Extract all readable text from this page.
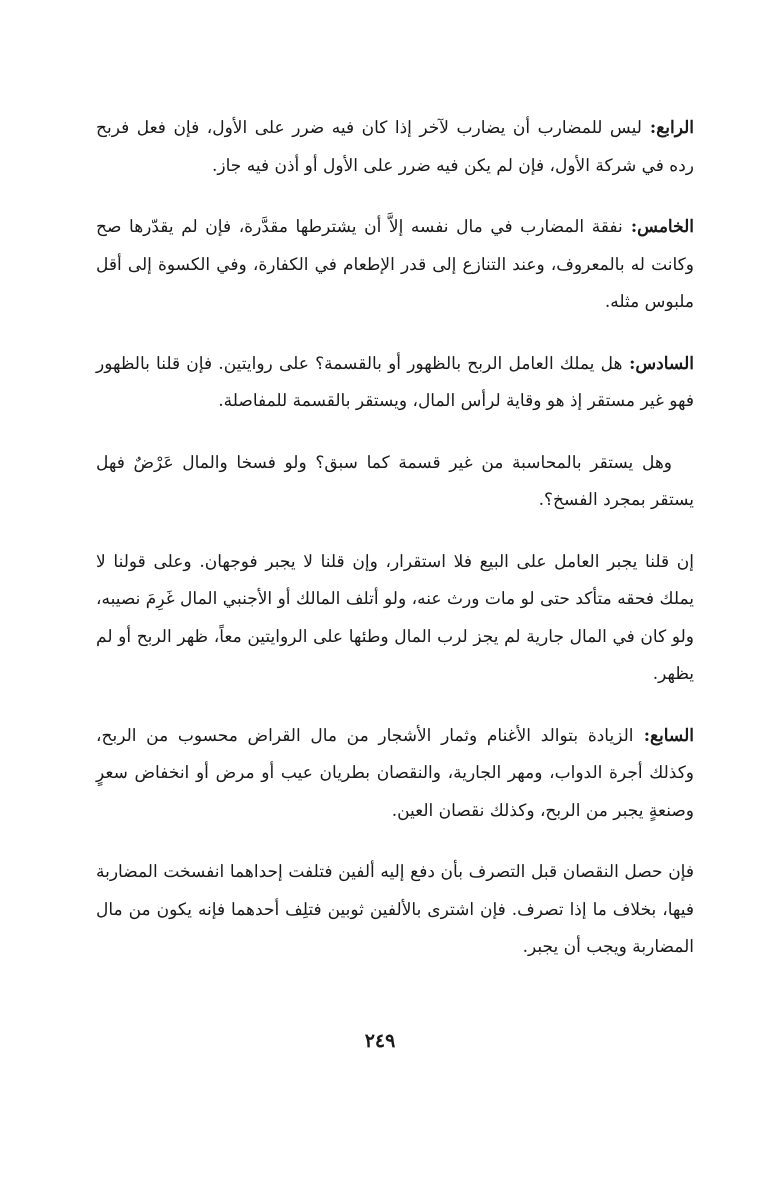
الرابع: ليس للمضارب أن يضارب لآخر إذا كان فيه ضرر على الأول، فإن فعل فربح رده في شركة الأول، فإن لم يكن فيه ضرر على الأول أو أذن فيه جاز.

الخامس: نفقة المضارب في مال نفسه إلاَّ أن يشترطها مقدَّرة، فإن لم يقدّرها صح وكانت له بالمعروف، وعند التنازع إلى قدر الإطعام في الكفارة، وفي الكسوة إلى أقل ملبوس مثله.

السادس: هل يملك العامل الربح بالظهور أو بالقسمة؟ على روايتين. فإن قلنا بالظهور فهو غير مستقر إذ هو وقاية لرأس المال، ويستقر بالقسمة للمفاصلة.

وهل يستقر بالمحاسبة من غير قسمة كما سبق؟ ولو فسخا والمال عَرْضٌ فهل يستقر بمجرد الفسخ؟.

إن قلنا يجبر العامل على البيع فلا استقرار، وإن قلنا لا يجبر فوجهان. وعلى قولنا لا يملك فحقه متأكد حتى لو مات ورث عنه، ولو أتلف المالك أو الأجنبي المال غَرِمَ نصيبه، ولو كان في المال جارية لم يجز لرب المال وطئها على الروايتين معاً، ظهر الربح أو لم يظهر.

السابع: الزيادة بتوالد الأغنام وثمار الأشجار من مال القراض محسوب من الربح، وكذلك أجرة الدواب، ومهر الجارية، والنقصان بطريان عيب أو مرض أو انخفاض سعرٍ وصنعةٍ يجبر من الربح، وكذلك نقصان العين.

فإن حصل النقصان قبل التصرف بأن دفع إليه ألفين فتلفت إحداهما انفسخت المضاربة فيها، بخلاف ما إذا تصرف. فإن اشترى بالألفين ثوبين فتلِف أحدهما فإنه يكون من مال المضاربة ويجب أن يجبر.

٢٤٩
